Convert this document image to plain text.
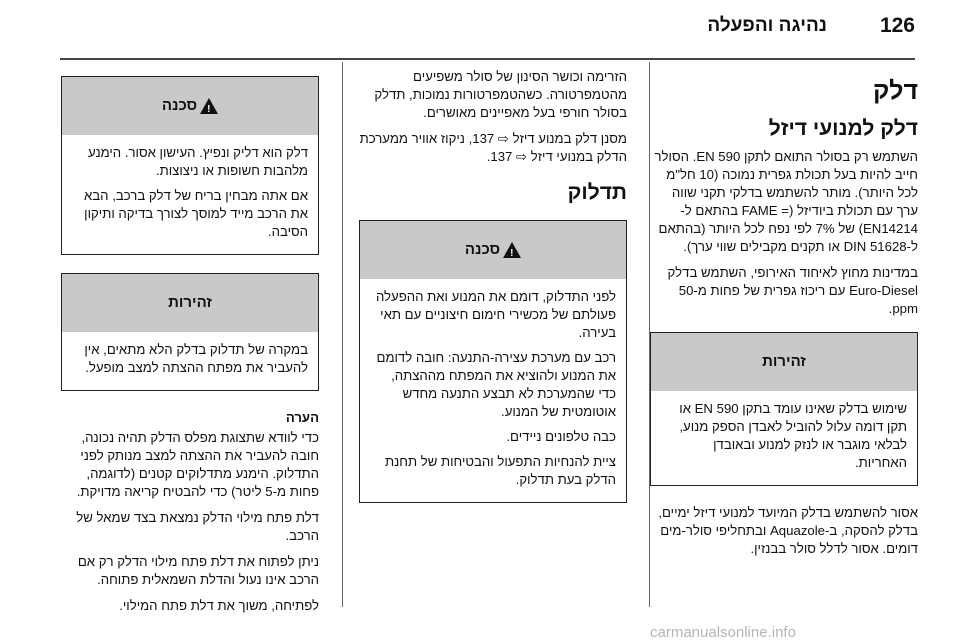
126
נהיגה והפעלה
דלק
דלק למנועי דיזל

השתמש רק בסולר התואם לתקן EN 590. הסולר חייב להיות בעל תכולת גפרית נמוכה (10 חל"מ לכל היותר). מותר להשתמש בדלקי תקני שווה ערך עם תכולת ביודיזל (= FAME בהתאם ל-EN14214) של 7% לפי נפח לכל היותר (בהתאם ל-DIN 51628 או תקנים מקבילים שווי ערך).

במדינות מחוץ לאיחוד האירופי, השתמש בדלק Euro-Diesel עם ריכוז גפרית של פחות מ-50 ppm.

זהירות

שימוש בדלק שאינו עומד בתקן EN 590 או תקן דומה עלול להוביל לאבדן הספק מנוע, לבלאי מוגבר או לנזק למנוע ובאובדן האחריות.

אסור להשתמש בדלק המיועד למנועי דיזל ימיים, בדלק להסקה, ב-Aquazole ובתחליפי סולר-מים דומים. אסור לדלל סולר בבנזין.

הזרימה וכושר הסינון של סולר משפיעים מהטמפרטורה. כשהטמפרטורות נמוכות, תדלק בסולר חורפי בעל מאפיינים מאושרים.

מסנן דלק במנוע דיזל ⇨ 137, ניקוז אוויר ממערכת הדלק במנועי דיזל ⇨ 137.

תדלוק
!
סכנה

לפני התדלוק, דומם את המנוע ואת ההפעלה פעולתם של מכשירי חימום חיצוניים עם תאי בעירה.

רכב עם מערכת עצירה-התנעה: חובה לדומם את המנוע ולהוציא את המפתח מההצתה, כדי שהמערכת לא תבצע התנעה מחדש אוטומטית של המנוע.

כבה טלפונים ניידים.

ציית להנחיות התפעול והבטיחות של תחנת הדלק בעת תדלוק.

!
סכנה

דלק הוא דליק ונפיץ. העישון אסור. הימנע מלהבות חשופות או ניצוצות.

אם אתה מבחין בריח של דלק ברכב, הבא את הרכב מייד למוסך לצורך בדיקה ותיקון הסיבה.

זהירות

במקרה של תדלוק בדלק הלא מתאים, אין להעביר את מפתח ההצתה למצב מופעל.

הערה

כדי לוודא שתצוגת מפלס הדלק תהיה נכונה, חובה להעביר את ההצתה למצב מנותק לפני התדלוק. הימנע מתדלוקים קטנים (לדוגמה, פחות מ-5 ליטר) כדי להבטיח קריאה מדויקת.

דלת פתח מילוי הדלק נמצאת בצד שמאל של הרכב.

ניתן לפתוח את דלת פתח מילוי הדלק רק אם הרכב אינו נעול והדלת השמאלית פתוחה.

לפתיחה, משוך את דלת פתח המילוי.

carmanualsonline.info
